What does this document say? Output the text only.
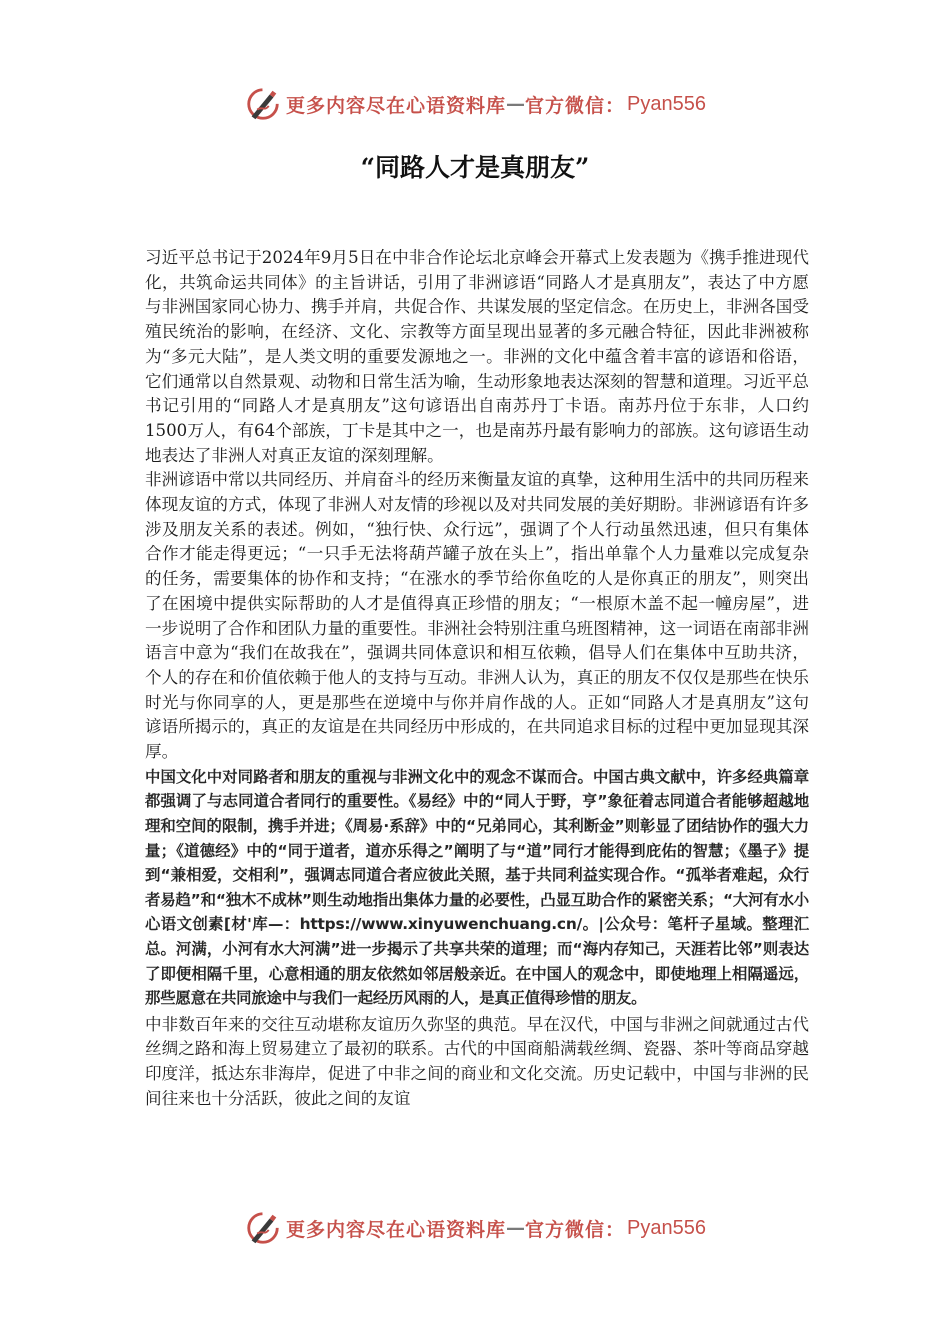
更多内容尽在心语资料库 — 官方微信： Pyan556
“同路人才是真朋友”

习近平总书记于2024年9月5日在中非合作论坛北京峰会开幕式上发表题为《携手推进现代化，共筑命运共同体》的主旨讲话，引用了非洲谚语“同路人才是真朋友”，表达了中方愿与非洲国家同心协力、携手并肩，共促合作、共谋发展的坚定信念。在历史上，非洲各国受殖民统治的影响，在经济、文化、宗教等方面呈现出显著的多元融合特征，因此非洲被称为“多元大陆”，是人类文明的重要发源地之一。非洲的文化中蕴含着丰富的谚语和俗语，它们通常以自然景观、动物和日常生活为喻，生动形象地表达深刻的智慧和道理。习近平总书记引用的“同路人才是真朋友”这句谚语出自南苏丹丁卡语。南苏丹位于东非，人口约1500万人，有64个部族，丁卡是其中之一，也是南苏丹最有影响力的部族。这句谚语生动地表达了非洲人对真正友谊的深刻理解。

非洲谚语中常以共同经历、并肩奋斗的经历来衡量友谊的真挚，这种用生活中的共同历程来体现友谊的方式，体现了非洲人对友情的珍视以及对共同发展的美好期盼。非洲谚语有许多涉及朋友关系的表述。例如，“独行快、众行远”，强调了个人行动虽然迅速，但只有集体合作才能走得更远；“一只手无法将葫芦罐子放在头上”，指出单靠个人力量难以完成复杂的任务，需要集体的协作和支持；“在涨水的季节给你鱼吃的人是你真正的朋友”，则突出了在困境中提供实际帮助的人才是值得真正珍惜的朋友；“一根原木盖不起一幢房屋”，进一步说明了合作和团队力量的重要性。非洲社会特别注重乌班图精神，这一词语在南部非洲语言中意为“我们在故我在”，强调共同体意识和相互依赖，倡导人们在集体中互助共济，个人的存在和价值依赖于他人的支持与互动。非洲人认为，真正的朋友不仅仅是那些在快乐时光与你同享的人，更是那些在逆境中与你并肩作战的人。正如“同路人才是真朋友”这句谚语所揭示的，真正的友谊是在共同经历中形成的，在共同追求目标的过程中更加显现其深厚。

中国文化中对同路者和朋友的重视与非洲文化中的观念不谋而合。中国古典文献中，许多经典篇章都强调了与志同道合者同行的重要性。《易经》中的“同人于野，亨”象征着志同道合者能够超越地理和空间的限制，携手并进；《周易·系辞》中的“兄弟同心，其利断金”则彰显了团结协作的强大力量；《道德经》中的“同于道者，道亦乐得之”阐明了与“道”同行才能得到庇佑的智慧；《墨子》提到“兼相爱，交相利”，强调志同道合者应彼此关照，基于共同利益实现合作。“孤举者难起，众行者易趋”和“独木不成林”则生动地指出集体力量的必要性，凸显互助合作的紧密关系；“大河有水小心语文创素[材'库—：https://www.xinyuwenchuang.cn/。|公众号：笔杆子星域。整理汇总。河满，小河有水大河满”进一步揭示了共享共荣的道理；而“海内存知己，天涯若比邻”则表达了即便相隔千里，心意相通的朋友依然如邻居般亲近。在中国人的观念中，即使地理上相隔遥远，那些愿意在共同旅途中与我们一起经历风雨的人，是真正值得珍惜的朋友。

中非数百年来的交往互动堪称友谊历久弥坚的典范。早在汉代，中国与非洲之间就通过古代丝绸之路和海上贸易建立了最初的联系。古代的中国商船满载丝绸、瓷器、茶叶等商品穿越印度洋，抵达东非海岸，促进了中非之间的商业和文化交流。历史记载中，中国与非洲的民间往来也十分活跃，彼此之间的友谊

更多内容尽在心语资料库 — 官方微信： Pyan556
